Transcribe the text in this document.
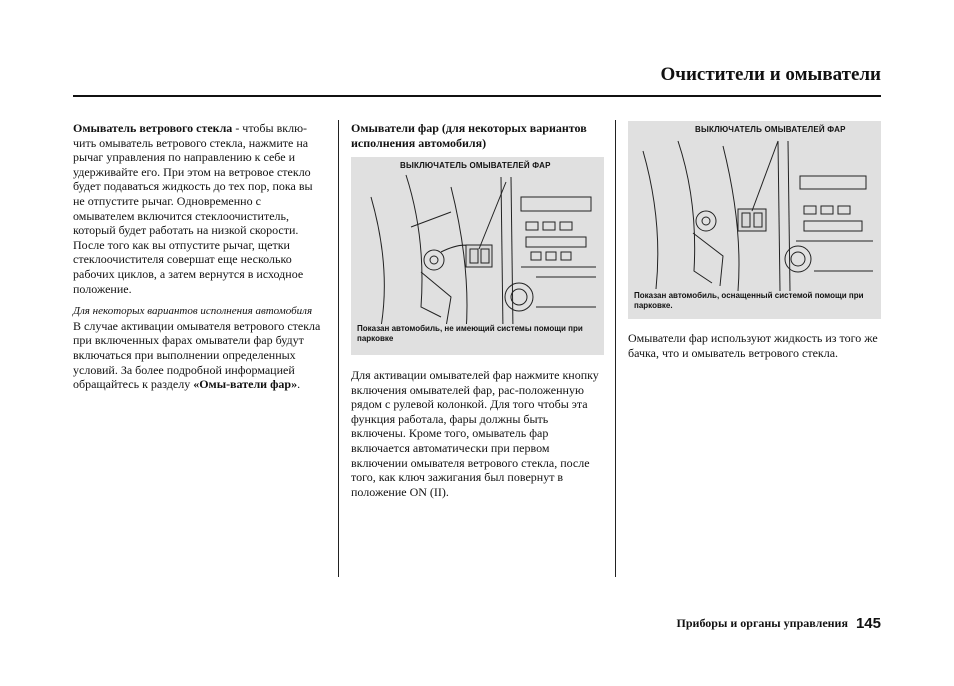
Очистители и омыватели

Омыватель ветрового стекла - чтобы вклю-чить омыватель ветрового стекла, нажмите на рычаг управления по направлению к себе и удерживайте его. При этом на ветровое стекло будет подаваться жидкость до тех пор, пока вы не отпустите рычаг. Одновременно с омывателем включится стеклоочиститель, который будет работать на низкой скорости. После того как вы отпустите рычаг, щетки стеклоочистителя совершат еще несколько рабочих циклов, а затем вернутся в исходное положение.

Для некоторых вариантов исполнения автомобиля

В случае активации омывателя ветрового стекла при включенных фарах омыватели фар будут включаться при выполнении определенных условий. За более подробной информацией обращайтесь к разделу «Омы-ватели фар».

Омыватели фар (для некоторых вариантов исполнения автомобиля)

ВЫКЛЮЧАТЕЛЬ ОМЫВАТЕЛЕЙ ФАР
Показан автомобиль, не имеющий системы помощи при парковке

Для активации омывателей фар нажмите кнопку включения омывателей фар, рас-положенную рядом с рулевой колонкой. Для того чтобы эта функция работала, фары должны быть включены. Кроме того, омыватель фар включается автоматически при первом включении омывателя ветрового стекла, после того, как ключ зажигания был повернут в положение ON (II).

ВЫКЛЮЧАТЕЛЬ ОМЫВАТЕЛЕЙ ФАР
Показан автомобиль, оснащенный системой помощи при парковке.

Омыватели фар используют жидкость из того же бачка, что и омыватель ветрового стекла.

Приборы и органы управления 145
